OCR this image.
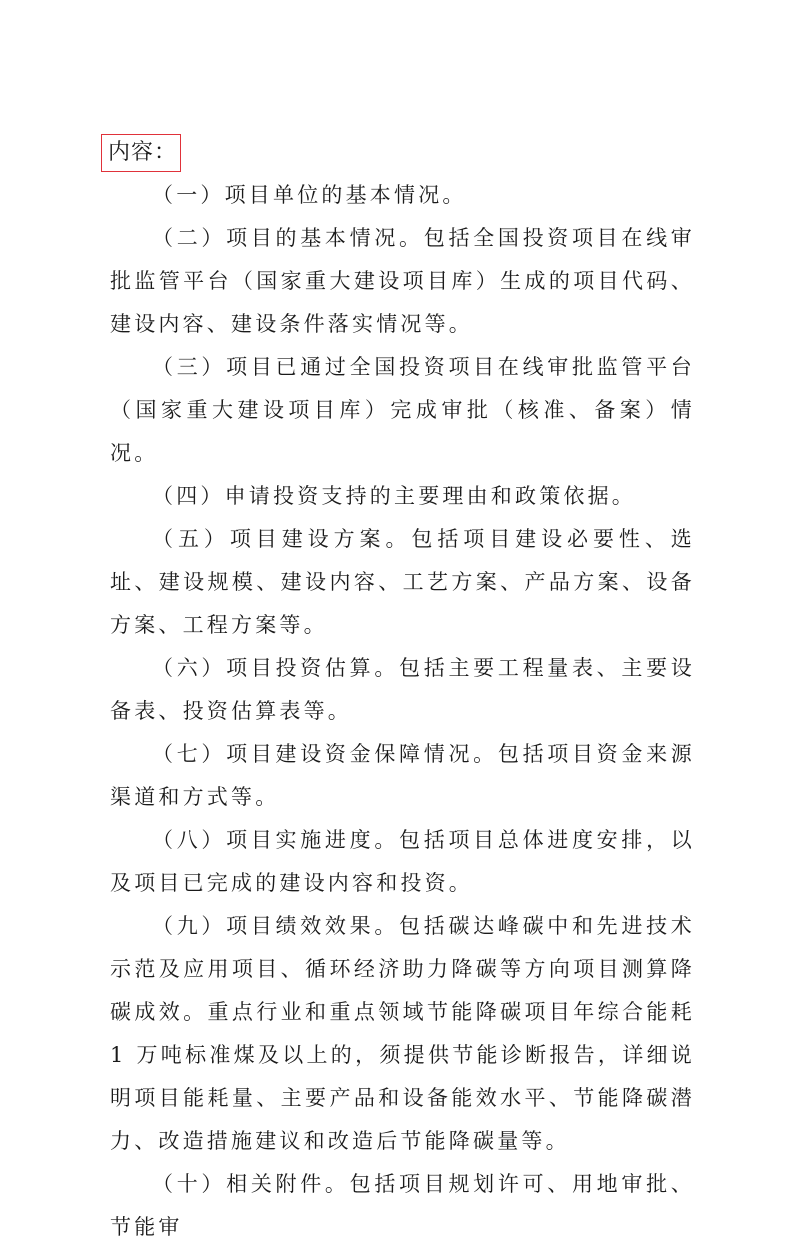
内容：

（一）项目单位的基本情况。

（二）项目的基本情况。包括全国投资项目在线审批监管平台（国家重大建设项目库）生成的项目代码、建设内容、建设条件落实情况等。

（三）项目已通过全国投资项目在线审批监管平台（国家重大建设项目库）完成审批（核准、备案）情况。

（四）申请投资支持的主要理由和政策依据。

（五）项目建设方案。包括项目建设必要性、选址、建设规模、建设内容、工艺方案、产品方案、设备方案、工程方案等。

（六）项目投资估算。包括主要工程量表、主要设备表、投资估算表等。

（七）项目建设资金保障情况。包括项目资金来源渠道和方式等。

（八）项目实施进度。包括项目总体进度安排，以及项目已完成的建设内容和投资。

（九）项目绩效效果。包括碳达峰碳中和先进技术示范及应用项目、循环经济助力降碳等方向项目测算降碳成效。重点行业和重点领域节能降碳项目年综合能耗 1 万吨标准煤及以上的，须提供节能诊断报告，详细说明项目能耗量、主要产品和设备能效水平、节能降碳潜力、改造措施建议和改造后节能降碳量等。

（十）相关附件。包括项目规划许可、用地审批、节能审
